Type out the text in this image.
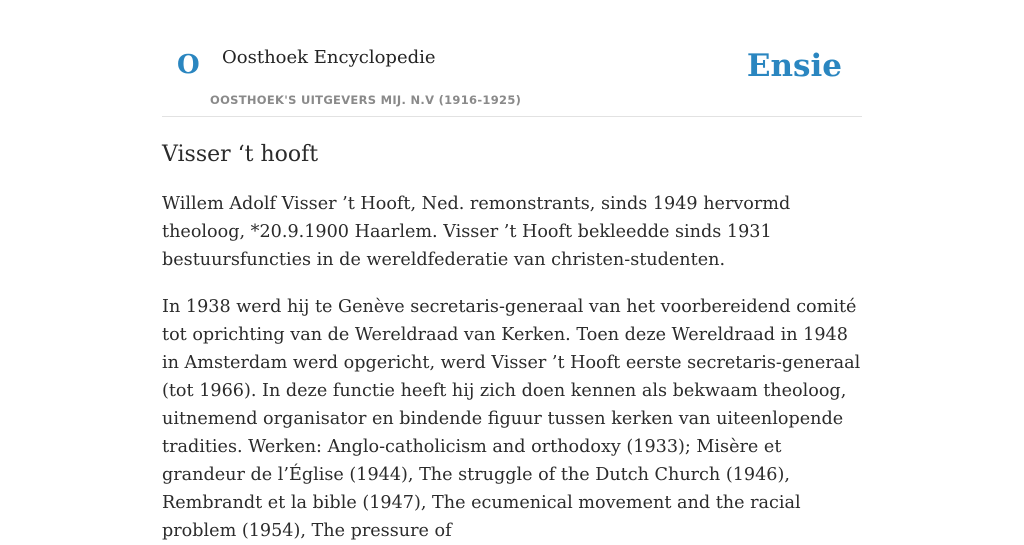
O Oosthoek Encyclopedie
OOSTHOEK'S UITGEVERS MIJ. N.V (1916-1925)
Ensie
Visser ‘t hooft

Willem Adolf Visser ’t Hooft, Ned. remonstrants, sinds 1949 hervormd theoloog, *20.9.1900 Haarlem. Visser ’t Hooft bekleedde sinds 1931 bestuursfuncties in de wereldfederatie van christen-studenten.

In 1938 werd hij te Genève secretaris-generaal van het voorbereidend comité tot oprichting van de Wereldraad van Kerken. Toen deze Wereldraad in 1948 in Amsterdam werd opgericht, werd Visser ’t Hooft eerste secretaris-generaal (tot 1966). In deze functie heeft hij zich doen kennen als bekwaam theoloog, uitnemend organisator en bindende figuur tussen kerken van uiteenlopende tradities. Werken: Anglo-catholicism and orthodoxy (1933); Misère et grandeur de l’Église (1944), The struggle of the Dutch Church (1946), Rembrandt et la bible (1947), The ecumenical movement and the racial problem (1954), The pressure of
